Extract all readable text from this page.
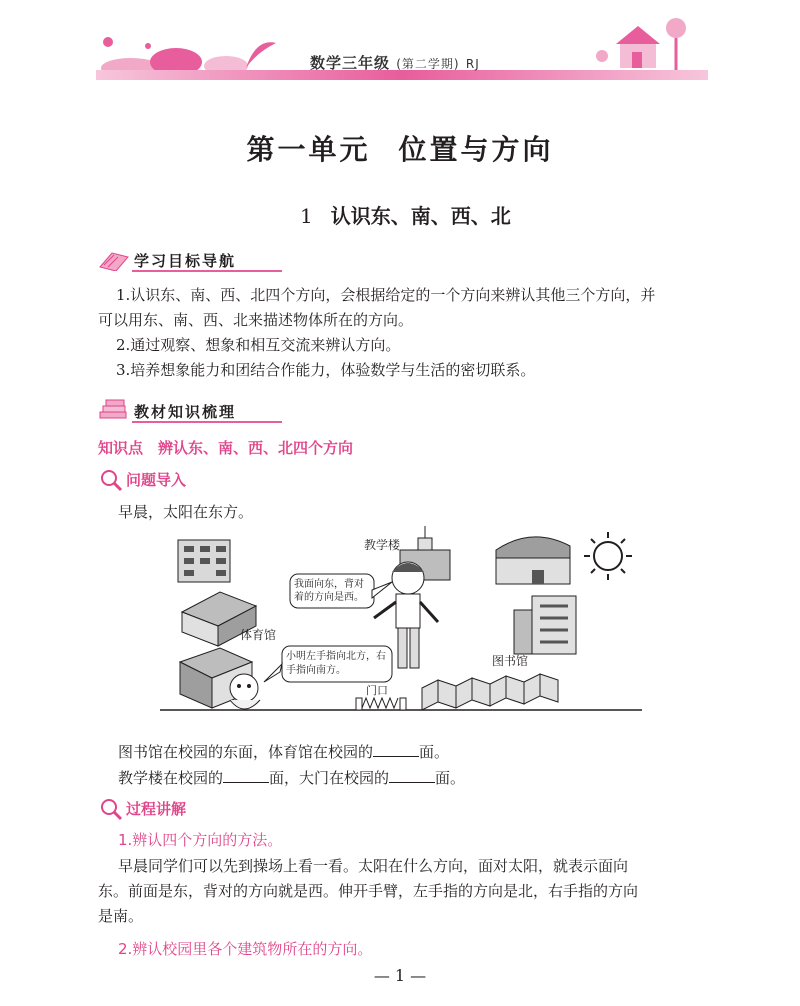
数学三年级 (第二学期) RJ
第一单元 位置与方向
1 认识东、南、西、北
学习目标导航
1.认识东、南、西、北四个方向，会根据给定的一个方向来辨认其他三个方向，并
可以用东、南、西、北来描述物体所在的方向。
2.通过观察、想象和相互交流来辨认方向。
3.培养想象能力和团结合作能力，体验数学与生活的密切联系。
教材知识梳理
知识点　辨认东、南、西、北四个方向
问题导入
早晨，太阳在东方。
教学楼
体育馆
图书馆
门口
我面向东，背对着的方向是西。
小明左手指向北方，右手指向南方。
图书馆在校园的东面，体育馆在校园的	面。
教学楼在校园的	面，大门在校园的	面。
过程讲解
1.辨认四个方向的方法。
早晨同学们可以先到操场上看一看。太阳在什么方向，面对太阳，就表示面向
东。前面是东，背对的方向就是西。伸开手臂，左手指的方向是北，右手指的方向
是南。
2.辨认校园里各个建筑物所在的方向。
— 1 —
